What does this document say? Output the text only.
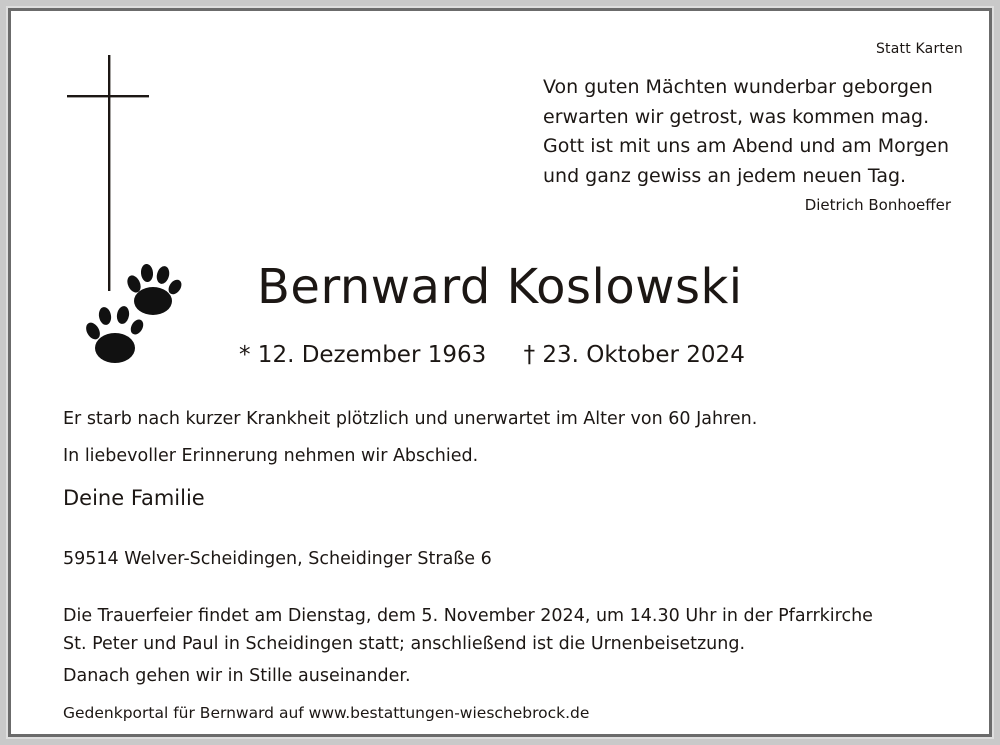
Statt Karten
Von guten Mächten wunderbar geborgen
erwarten wir getrost, was kommen mag.
Gott ist mit uns am Abend und am Morgen
und ganz gewiss an jedem neuen Tag.
Dietrich Bonhoeffer
Bernward Koslowski
* 12. Dezember 1963 † 23. Oktober 2024
Er starb nach kurzer Krankheit plötzlich und unerwartet im Alter von 60 Jahren.
In liebevoller Erinnerung nehmen wir Abschied.
Deine Familie
59514 Welver-Scheidingen, Scheidinger Straße 6
Die Trauerfeier findet am Dienstag, dem 5. November 2024, um 14.30 Uhr in der Pfarrkirche
St. Peter und Paul in Scheidingen statt; anschließend ist die Urnenbeisetzung.
Danach gehen wir in Stille auseinander.
Gedenkportal für Bernward auf www.bestattungen-wieschebrock.de
